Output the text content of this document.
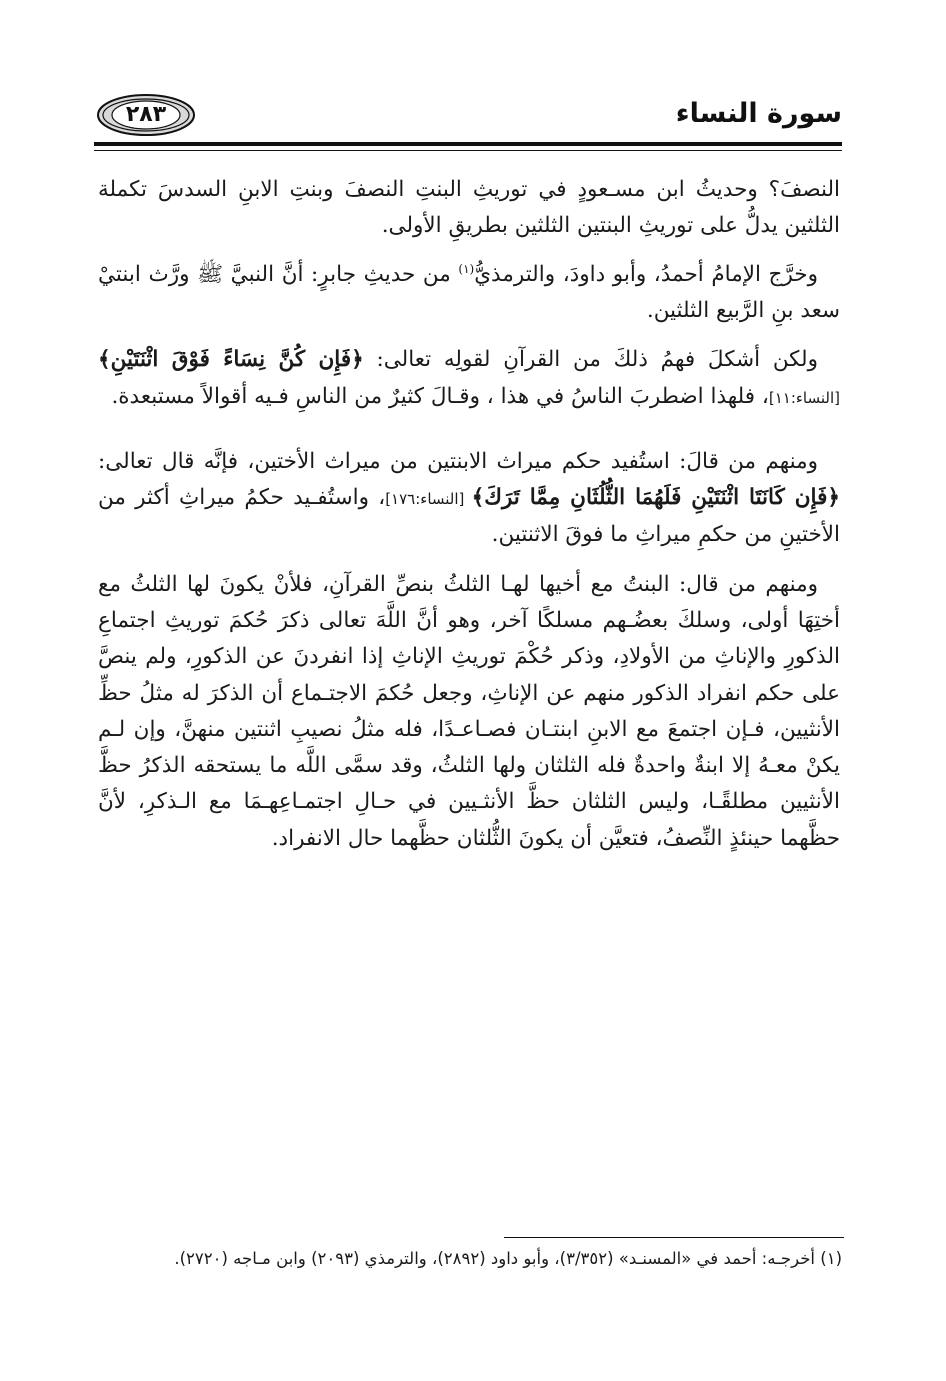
سورة النساء
٢٨٣

النصفَ؟ وحديثُ ابن مسـعودٍ في توريثِ البنتِ النصفَ وبنتِ الابنِ السدسَ تكملة الثلثين يدلُّ على توريثِ البنتين الثلثين بطريقِ الأولى.

وخرَّج الإمامُ أحمدُ، وأبو داودَ، والترمذيُّ$^{(١)}$ من حديثِ جابرٍ: أنَّ النبيَّ ﷺ ورَّث ابنتيْ سعد بنِ الرَّبيع الثلثين.

ولكن أشكلَ فهمُ ذلكَ من القرآنِ لقولِه تعالى: ﴿فَإِن كُنَّ نِسَاءً فَوْقَ اثْنَتَيْنِ﴾ [النساء:١١]، فلهذا اضطربَ الناسُ في هذا ، وقـالَ كثيرٌ من الناسِ فـيه أقوالاً مستبعدة.

ومنهم من قالَ: استُفيد حكم ميراث الابنتين من ميراث الأختين، فإنَّه قال تعالى: ﴿فَإِن كَانَتَا اثْنَتَيْنِ فَلَهُمَا الثُّلُثَانِ مِمَّا تَرَكَ﴾ [النساء:١٧٦]، واستُفـيد حكمُ ميراثِ أكثر من الأختينِ من حكمِ ميراثِ ما فوقَ الاثنتين.

ومنهم من قال: البنتُ مع أخيها لهـا الثلثُ بنصِّ القرآنِ، فلأنْ يكونَ لها الثلثُ مع أختِهَا أولى، وسلكَ بعضُـهم مسلكًا آخر، وهو أنَّ اللَّهَ تعالى ذكرَ حُكمَ توريثِ اجتماعِ الذكورِ والإناثِ من الأولادِ، وذكر حُكْمَ توريثِ الإناثِ إذا انفردنَ عن الذكورِ، ولم ينصَّ على حكم انفراد الذكور منهم عن الإناثِ، وجعل حُكمَ الاجتـماع أن الذكرَ له مثلُ حظِّ الأنثيين، فـإن اجتمعَ مع الابنِ ابنتـان فصـاعـدًا، فله مثلُ نصيبِ اثنتين منهنَّ، وإن لـم يكنْ معـهُ إلا ابنةٌ واحدةٌ فله الثلثان ولها الثلثُ، وقد سمَّى اللَّه ما يستحقه الذكرُ حظَّ الأنثيين مطلقًـا، وليس الثلثان حظَّ الأنثـيين في حـالِ اجتمـاعِهـمَا مع الـذكرِ، لأنَّ حظَّهما حينئذٍ النِّصفُ، فتعيَّن أن يكونَ الثُّلثان حظَّهما حال الانفراد.

(١) أخرجـه: أحمد في «المسنـد» (٣/٣٥٢)، وأبو داود (٢٨٩٢)، والترمذي (٢٠٩٣) وابن مـاجه (٢٧٢٠).
